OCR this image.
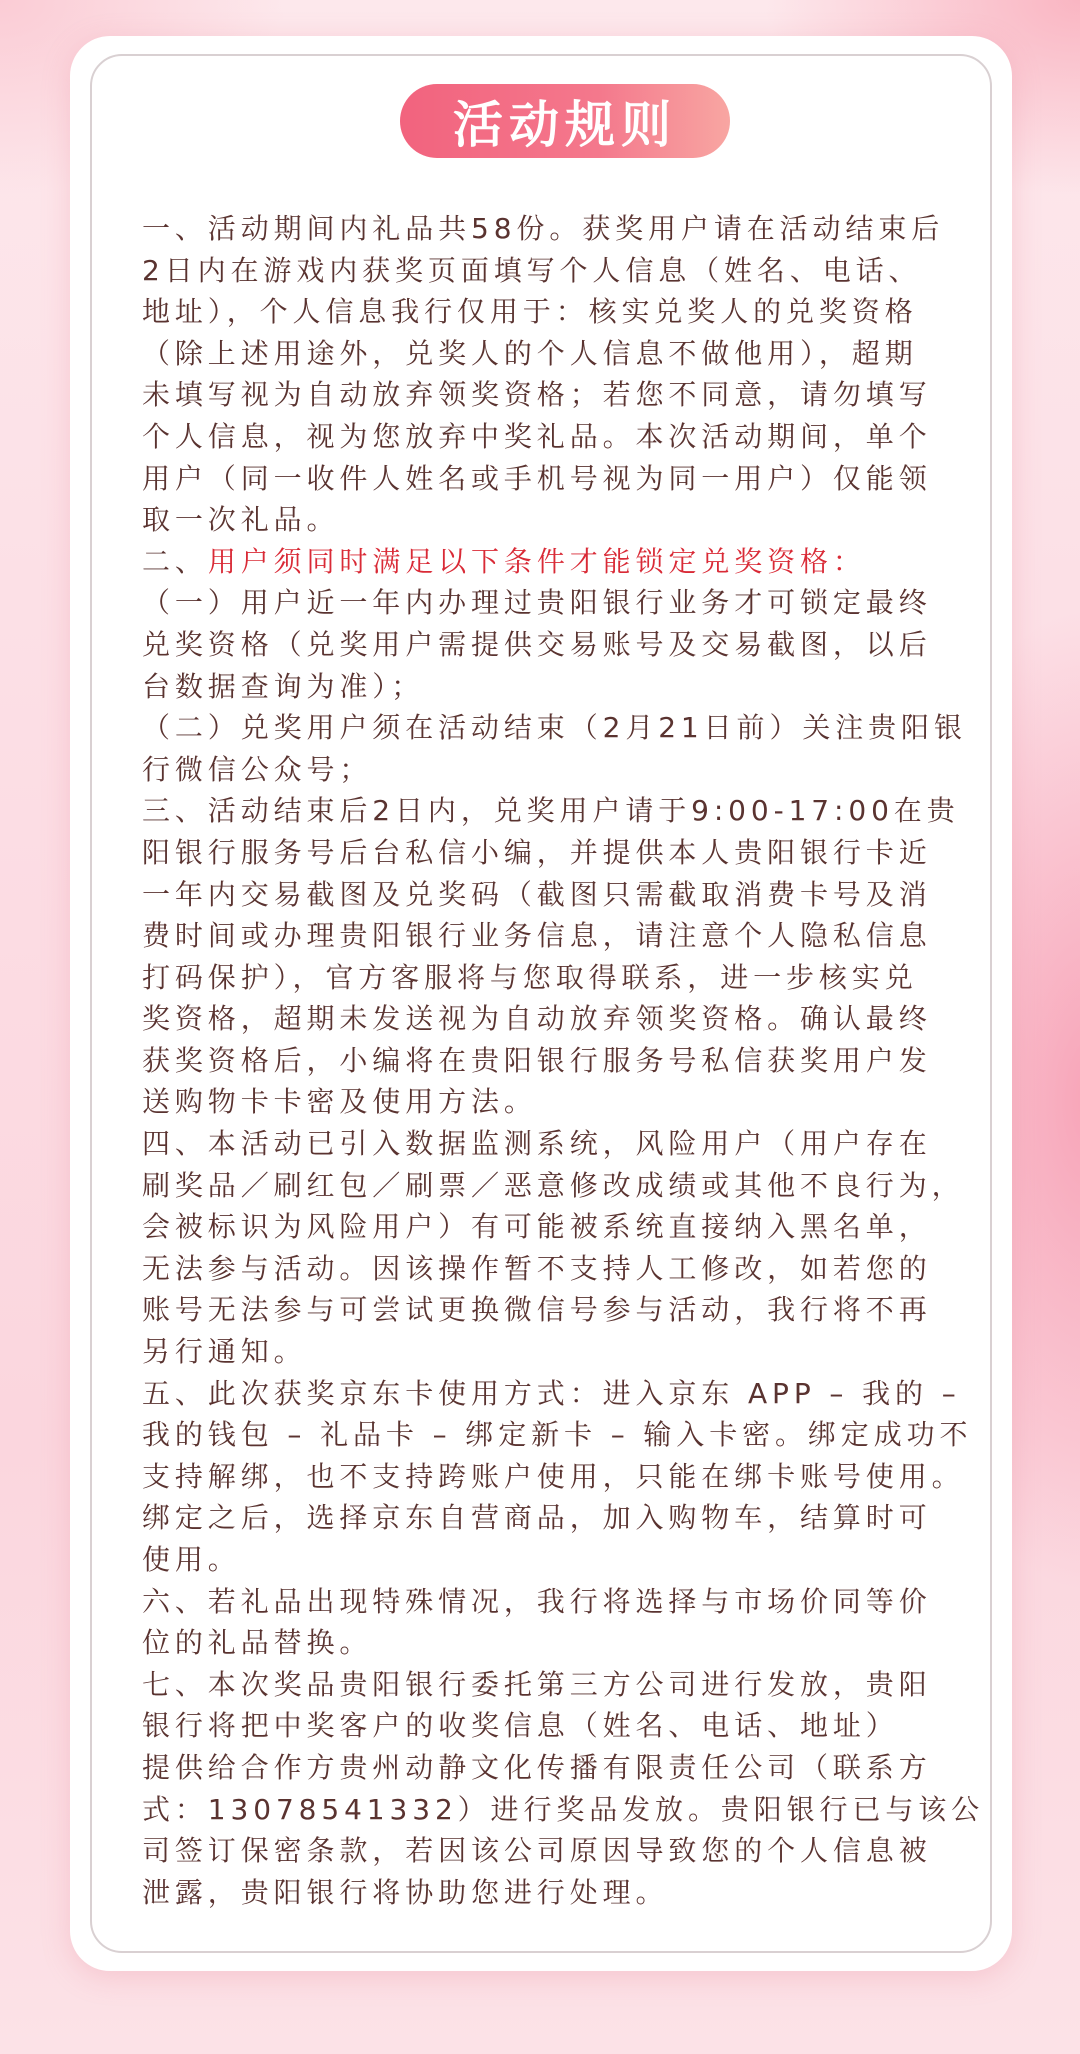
活动规则
一、活动期间内礼品共58份。获奖用户请在活动结束后
2日内在游戏内获奖页面填写个人信息（姓名、电话、
地址），个人信息我行仅用于：核实兑奖人的兑奖资格
（除上述用途外，兑奖人的个人信息不做他用），超期
未填写视为自动放弃领奖资格；若您不同意，请勿填写
个人信息，视为您放弃中奖礼品。本次活动期间，单个
用户（同一收件人姓名或手机号视为同一用户）仅能领
取一次礼品。
二、用户须同时满足以下条件才能锁定兑奖资格：
（一）用户近一年内办理过贵阳银行业务才可锁定最终
兑奖资格（兑奖用户需提供交易账号及交易截图，以后
台数据查询为准）；
（二）兑奖用户须在活动结束（2月21日前）关注贵阳银
行微信公众号；
三、活动结束后2日内，兑奖用户请于9:00-17:00在贵
阳银行服务号后台私信小编，并提供本人贵阳银行卡近
一年内交易截图及兑奖码（截图只需截取消费卡号及消
费时间或办理贵阳银行业务信息，请注意个人隐私信息
打码保护），官方客服将与您取得联系，进一步核实兑
奖资格，超期未发送视为自动放弃领奖资格。确认最终
获奖资格后，小编将在贵阳银行服务号私信获奖用户发
送购物卡卡密及使用方法。
四、本活动已引入数据监测系统，风险用户（用户存在
刷奖品／刷红包／刷票／恶意修改成绩或其他不良行为，
会被标识为风险用户）有可能被系统直接纳入黑名单，
无法参与活动。因该操作暂不支持人工修改，如若您的
账号无法参与可尝试更换微信号参与活动，我行将不再
另行通知。
五、此次获奖京东卡使用方式：进入京东 APP – 我的 –
我的钱包 – 礼品卡 – 绑定新卡 – 输入卡密。绑定成功不
支持解绑，也不支持跨账户使用，只能在绑卡账号使用。
绑定之后，选择京东自营商品，加入购物车，结算时可
使用。
六、若礼品出现特殊情况，我行将选择与市场价同等价
位的礼品替换。
七、本次奖品贵阳银行委托第三方公司进行发放，贵阳
银行将把中奖客户的收奖信息（姓名、电话、地址）
提供给合作方贵州动静文化传播有限责任公司（联系方
式：13078541332）进行奖品发放。贵阳银行已与该公
司签订保密条款，若因该公司原因导致您的个人信息被
泄露，贵阳银行将协助您进行处理。
